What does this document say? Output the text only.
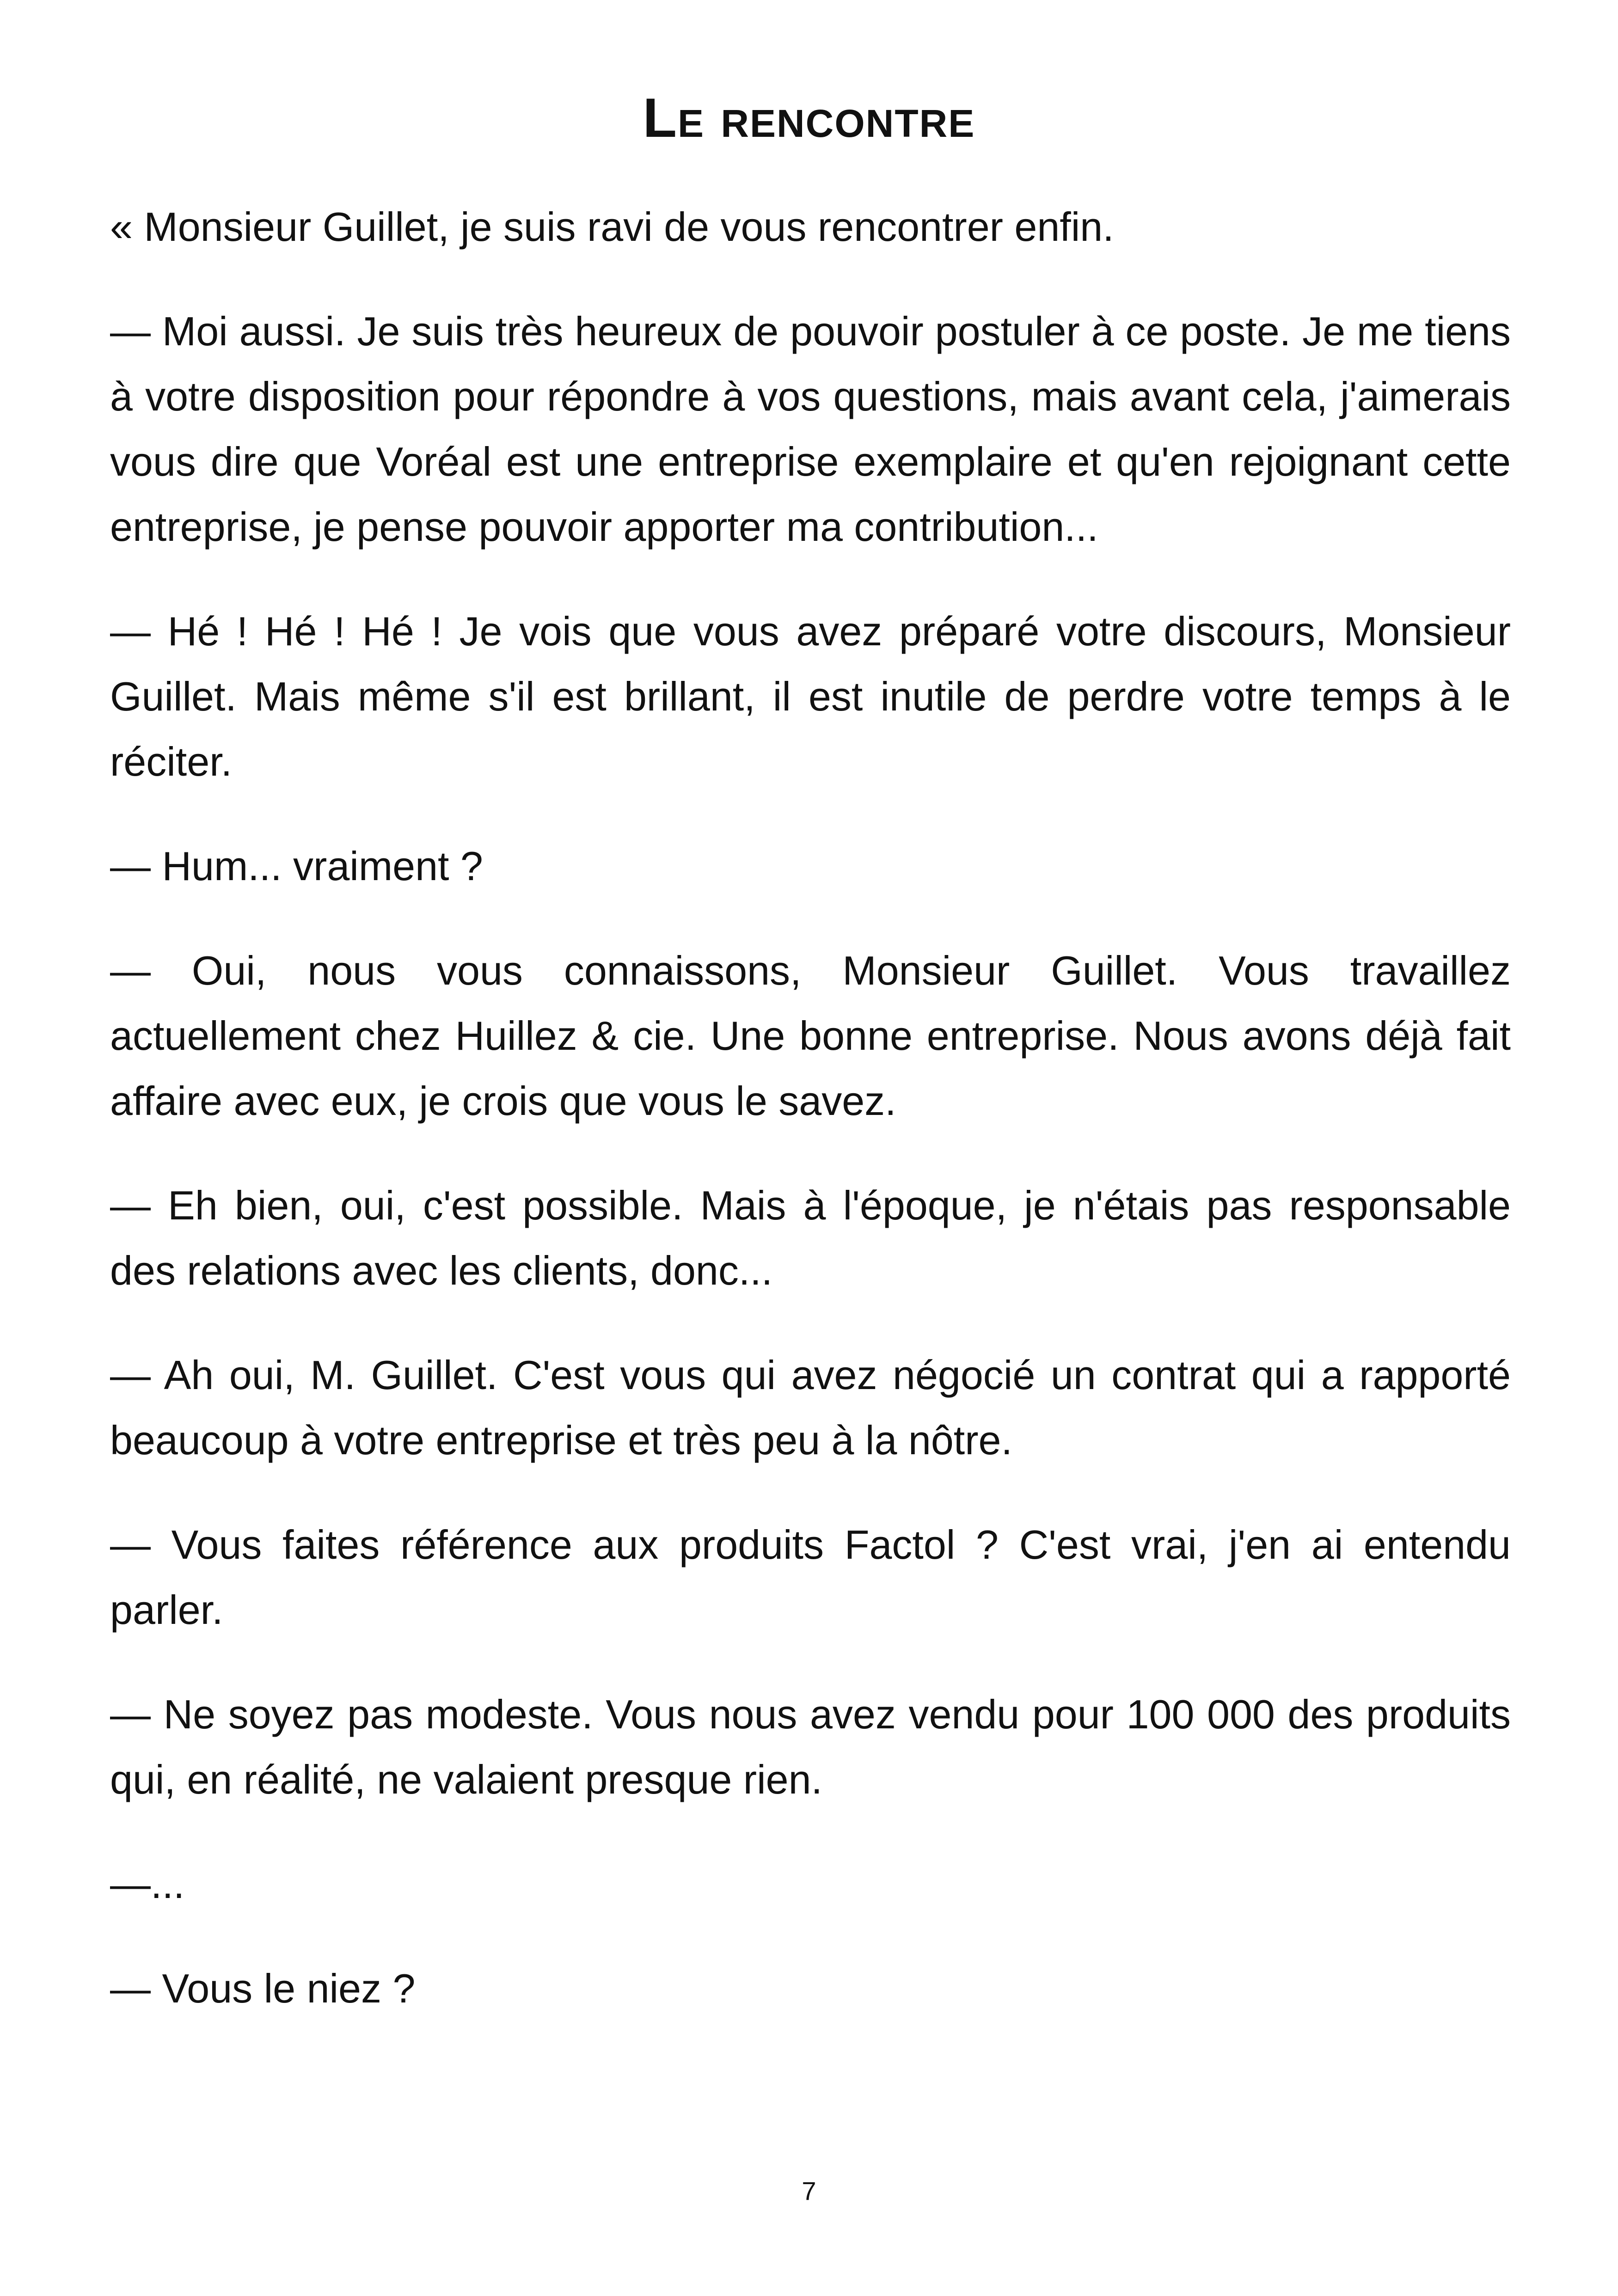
Le rencontre

« Monsieur Guillet, je suis ravi de vous rencontrer enfin.

— Moi aussi. Je suis très heureux de pouvoir postuler à ce poste. Je me tiens à votre disposition pour répondre à vos questions, mais avant cela, j'aimerais vous dire que Voréal est une entreprise exemplaire et qu'en rejoignant cette entreprise, je pense pouvoir apporter ma contribution...

— Hé ! Hé ! Hé ! Je vois que vous avez préparé votre discours, Monsieur Guillet. Mais même s'il est brillant, il est inutile de perdre votre temps à le réciter.

— Hum... vraiment ?

— Oui, nous vous connaissons, Monsieur Guillet. Vous travaillez actuellement chez Huillez & cie. Une bonne entreprise. Nous avons déjà fait affaire avec eux, je crois que vous le savez.

— Eh bien, oui, c'est possible. Mais à l'époque, je n'étais pas responsable des relations avec les clients, donc...

— Ah oui, M. Guillet. C'est vous qui avez négocié un contrat qui a rapporté beaucoup à votre entreprise et très peu à la nôtre.

— Vous faites référence aux produits Factol ? C'est vrai, j'en ai entendu parler.

— Ne soyez pas modeste. Vous nous avez vendu pour 100 000 des produits qui, en réalité, ne valaient presque rien.

—...

— Vous le niez ?

7
